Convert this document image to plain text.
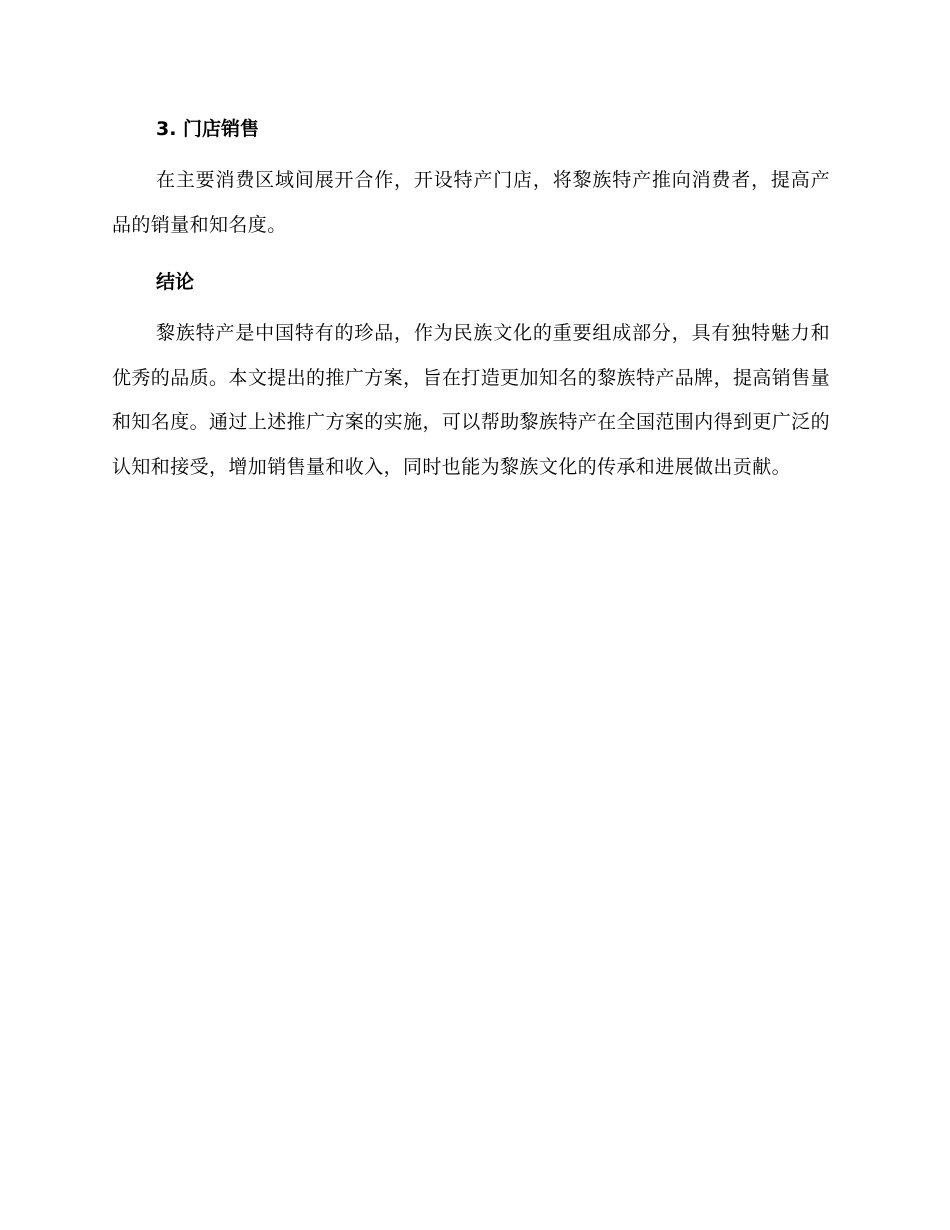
3. 门店销售

在主要消费区域间展开合作，开设特产门店，将黎族特产推向消费者，提高产品的销量和知名度。

结论

黎族特产是中国特有的珍品，作为民族文化的重要组成部分，具有独特魅力和优秀的品质。本文提出的推广方案，旨在打造更加知名的黎族特产品牌，提高销售量和知名度。通过上述推广方案的实施，可以帮助黎族特产在全国范围内得到更广泛的认知和接受，增加销售量和收入，同时也能为黎族文化的传承和进展做出贡献。
